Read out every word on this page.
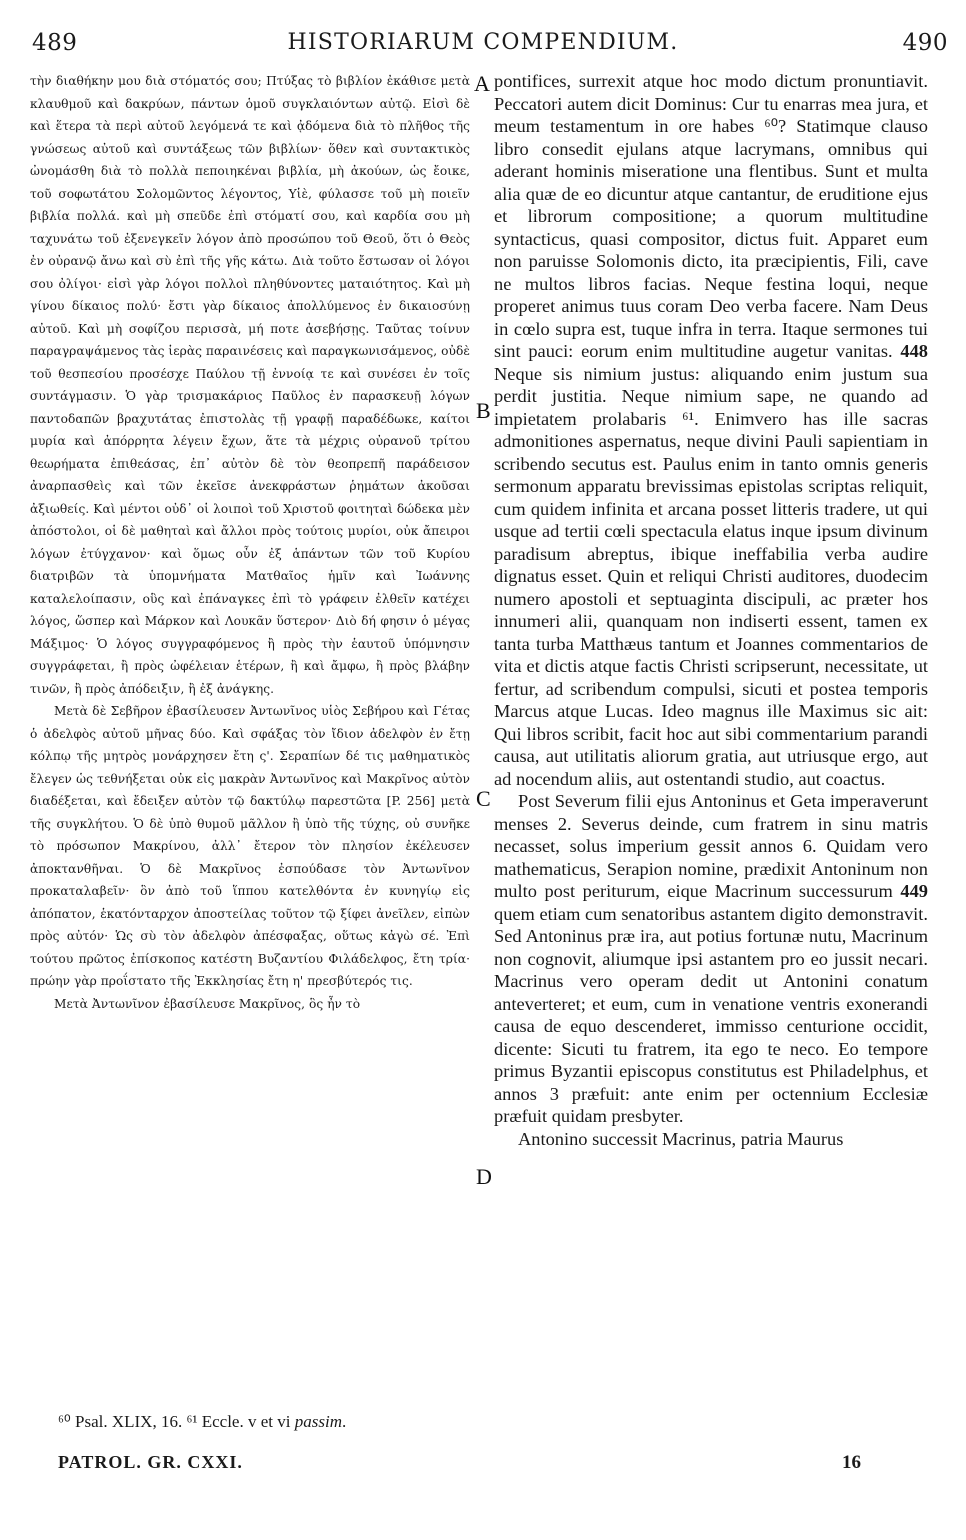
489	HISTORIARUM COMPENDIUM.	490

τὴν διαθήκην μου διὰ στόματός σου; Πτύξας τὸ βιβλίον ἐκάθισε μετὰ κλαυθμοῦ καὶ δακρύων, πάντων ὁμοῦ συγκλαιόντων αὐτῷ. Εἰσὶ δὲ καὶ ἕτερα τὰ περὶ αὐτοῦ λεγόμενά τε καὶ ᾀδόμενα διὰ τὸ πλῆθος τῆς γνώσεως αὐτοῦ καὶ συντάξεως τῶν βιβλίων· ὅθεν καὶ συντακτικὸς ὠνομάσθη διὰ τὸ πολλὰ πεποιηκέναι βιβλία, μὴ ἀκούων, ὡς ἔοικε, τοῦ σοφωτάτου Σολομῶντος λέγοντος, Υἱὲ, φύλασσε τοῦ μὴ ποιεῖν βιβλία πολλά. καὶ μὴ σπεῦδε ἐπὶ στόματί σου, καὶ καρδία σου μὴ ταχυνάτω τοῦ ἐξενεγκεῖν λόγον ἀπὸ προσώπου τοῦ Θεοῦ, ὅτι ὁ Θεὸς ἐν οὐρανῷ ἄνω καὶ σὺ ἐπὶ τῆς γῆς κάτω. Διὰ τοῦτο ἔστωσαν οἱ λόγοι σου ὀλίγοι· εἰσὶ γὰρ λόγοι πολλοὶ πληθύνοντες ματαιότητος. Καὶ μὴ γίνου δίκαιος πολύ· ἔστι γὰρ δίκαιος ἀπολλύμενος ἐν δικαιοσύνῃ αὐτοῦ. Καὶ μὴ σοφίζου περισσὰ, μή ποτε ἀσεβήσῃς. Ταῦτας τοίνυν παραγραψάμενος τὰς ἱερὰς παραινέσεις καὶ παραγκωνισάμενος, οὐδὲ τοῦ θεσπεσίου προσέσχε Παύλου τῇ ἐννοίᾳ τε καὶ συνέσει ἐν τοῖς συντάγμασιν. Ὁ γὰρ τρισμακάριος Παῦλος ἐν παρασκευῇ λόγων παντοδαπῶν βραχυτάτας ἐπιστολὰς τῇ γραφῇ παραδέδωκε, καίτοι μυρία καὶ ἀπόρρητα λέγειν ἔχων, ἅτε τὰ μέχρις οὐρανοῦ τρίτου θεωρήματα ἐπιθεάσας, ἐπ᾽ αὐτὸν δὲ τὸν θεοπρεπῆ παράδεισον ἀναρπασθεὶς καὶ τῶν ἐκεῖσε ἀνεκφράστων ῥημάτων ἀκοῦσαι ἀξιωθείς. Καὶ μέντοι οὐδ᾽ οἱ λοιποὶ τοῦ Χριστοῦ φοιτηταὶ δώδεκα μὲν ἀπόστολοι, οἱ δὲ μαθηταὶ καὶ ἄλλοι πρὸς τούτοις μυρίοι, οὐκ ἄπειροι λόγων ἐτύγχανον· καὶ ὅμως οὖν ἐξ ἁπάντων τῶν τοῦ Κυρίου διατριβῶν τὰ ὑπομνήματα Ματθαῖος ἡμῖν καὶ Ἰωάννης καταλελοίπασιν, οὓς καὶ ἐπάναγκες ἐπὶ τὸ γράφειν ἐλθεῖν κατέχει λόγος, ὥσπερ καὶ Μάρκον καὶ Λουκᾶν ὕστερον· Διὸ δή φησιν ὁ μέγας Μάξιμος· Ὁ λόγος συγγραφόμενος ἢ πρὸς τὴν ἑαυτοῦ ὑπόμνησιν συγγράφεται, ἢ πρὸς ὠφέλειαν ἑτέρων, ἢ καὶ ἄμφω, ἢ πρὸς βλάβην τινῶν, ἢ πρὸς ἀπόδειξιν, ἢ ἐξ ἀνάγκης.

Μετὰ δὲ Σεβῆρον ἐβασίλευσεν Ἀντωνῖνος υἱὸς Σεβήρου καὶ Γέτας ὁ ἀδελφὸς αὐτοῦ μῆνας δύο. Καὶ σφάξας τὸν ἴδιον ἀδελφὸν ἐν ἔτῃ κόλπῳ τῆς μητρὸς μονάρχησεν ἔτη ς'. Σεραπίων δέ τις μαθηματικὸς ἔλεγεν ὡς τεθνήξεται οὐκ εἰς μακρὰν Ἀντωνῖνος καὶ Μακρῖνος αὐτὸν διαδέξεται, καὶ ἔδειξεν αὐτὸν τῷ δακτύλῳ παρεστῶτα [P. 256] μετὰ τῆς συγκλήτου. Ὁ δὲ ὑπὸ θυμοῦ μᾶλλον ἢ ὑπὸ τῆς τύχης, οὐ συνῆκε τὸ πρόσωπον Μακρίνου, ἀλλ᾽ ἔτερον τὸν πλησίον ἐκέλευσεν ἀποκτανθῆναι. Ὁ δὲ Μακρῖνος ἐσπούδασε τὸν Ἀντωνῖνον προκαταλαβεῖν· ὃν ἀπὸ τοῦ ἵππου κατελθόντα ἐν κυνηγίῳ εἰς ἀπόπατον, ἑκατόνταρχον ἀποστείλας τοῦτον τῷ ξίφει ἀνεῖλεν, εἰπὼν πρὸς αὐτόν· Ὡς σὺ τὸν ἀδελφὸν ἀπέσφαξας, οὕτως κἀγὼ σέ. Ἐπὶ τούτου πρῶτος ἐπίσκοπος κατέστη Βυζαντίου Φιλάδελφος, ἔτη τρία· πρώην γὰρ προΐστατο τῆς Ἐκκλησίας ἔτη η' πρεσβύτερός τις.

Μετὰ Ἀντωνῖνον ἐβασίλευσε Μακρῖνος, ὃς ἦν τὸ

A
B
C
D

pontifices, surrexit atque hoc modo dictum pronuntiavit. Peccatori autem dicit Dominus: Cur tu enarras mea jura, et meum testamentum in ore habes ⁶⁰? Statimque clauso libro consedit ejulans atque lacrymans, omnibus qui aderant hominis miseratione una flentibus. Sunt et multa alia quæ de eo dicuntur atque cantantur, de eruditione ejus et librorum compositione; a quorum multitudine syntacticus, quasi compositor, dictus fuit. Apparet eum non paruisse Solomonis dicto, ita præcipientis, Fili, cave ne multos libros facias. Neque festina loqui, neque properet animus tuus coram Deo verba facere. Nam Deus in cœlo supra est, tuque infra in terra. Itaque sermones tui sint pauci: eorum enim multitudine augetur vanitas. 448 Neque sis nimium justus: aliquando enim justum sua perdit justitia. Neque nimium sape, ne quando ad impietatem prolabaris ⁶¹. Enimvero has ille sacras admonitiones aspernatus, neque divini Pauli sapientiam in scribendo secutus est. Paulus enim in tanto omnis generis sermonum apparatu brevissimas epistolas scriptas reliquit, cum quidem infinita et arcana posset litteris tradere, ut qui usque ad tertii cœli spectacula elatus inque ipsum divinum paradisum abreptus, ibique ineffabilia verba audire dignatus esset. Quin et reliqui Christi auditores, duodecim numero apostoli et septuaginta discipuli, ac præter hos innumeri alii, quanquam non indiserti essent, tamen ex tanta turba Matthæus tantum et Joannes commentarios de vita et dictis atque factis Christi scripserunt, necessitate, ut fertur, ad scribendum compulsi, sicuti et postea temporis Marcus atque Lucas. Ideo magnus ille Maximus sic ait: Qui libros scribit, facit hoc aut sibi commentarium parandi causa, aut utilitatis aliorum gratia, aut utriusque ergo, aut ad nocendum aliis, aut ostentandi studio, aut coactus.

Post Severum filii ejus Antoninus et Geta imperaverunt menses 2. Severus deinde, cum fratrem in sinu matris necasset, solus imperium gessit annos 6. Quidam vero mathematicus, Serapion nomine, prædixit Antoninum non multo post periturum, eique Macrinum successurum 449 quem etiam cum senatoribus astantem digito demonstravit. Sed Antoninus præ ira, aut potius fortunæ nutu, Macrinum non cognovit, aliumque ipsi astantem pro eo jussit necari. Macrinus vero operam dedit ut Antonini conatum anteverteret; et eum, cum in venatione ventris exonerandi causa de equo descenderet, immisso centurione occidit, dicente: Sicuti tu fratrem, ita ego te neco. Eo tempore primus Byzantii episcopus constitutus est Philadelphus, et annos 3 præfuit: ante enim per octennium Ecclesiæ præfuit quidam presbyter.

Antonino successit Macrinus, patria Maurus

⁶⁰ Psal. XLIX, 16. ⁶¹ Eccle. v et vi passim.
PATROL. GR. CXXI.	16
